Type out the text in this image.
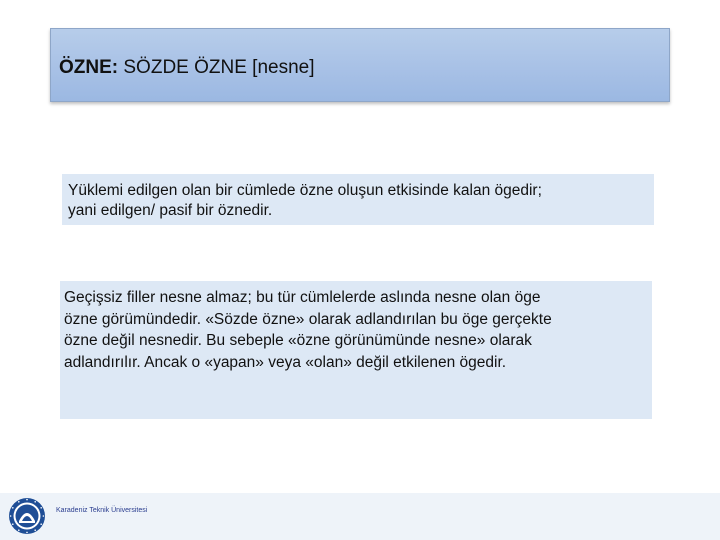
ÖZNE: SÖZDE ÖZNE [nesne]
Yüklemi edilgen olan bir cümlede özne oluşun etkisinde kalan ögedir;
yani edilgen/ pasif bir öznedir.
Geçişsiz filler nesne almaz; bu tür cümlelerde aslında nesne olan öge
özne görümündedir. «Sözde özne» olarak adlandırılan bu öge gerçekte
özne değil nesnedir. Bu sebeple «özne görünümünde nesne» olarak
adlandırılır. Ancak o «yapan» veya «olan» değil etkilenen ögedir.
Karadeniz Teknik Üniversitesi
